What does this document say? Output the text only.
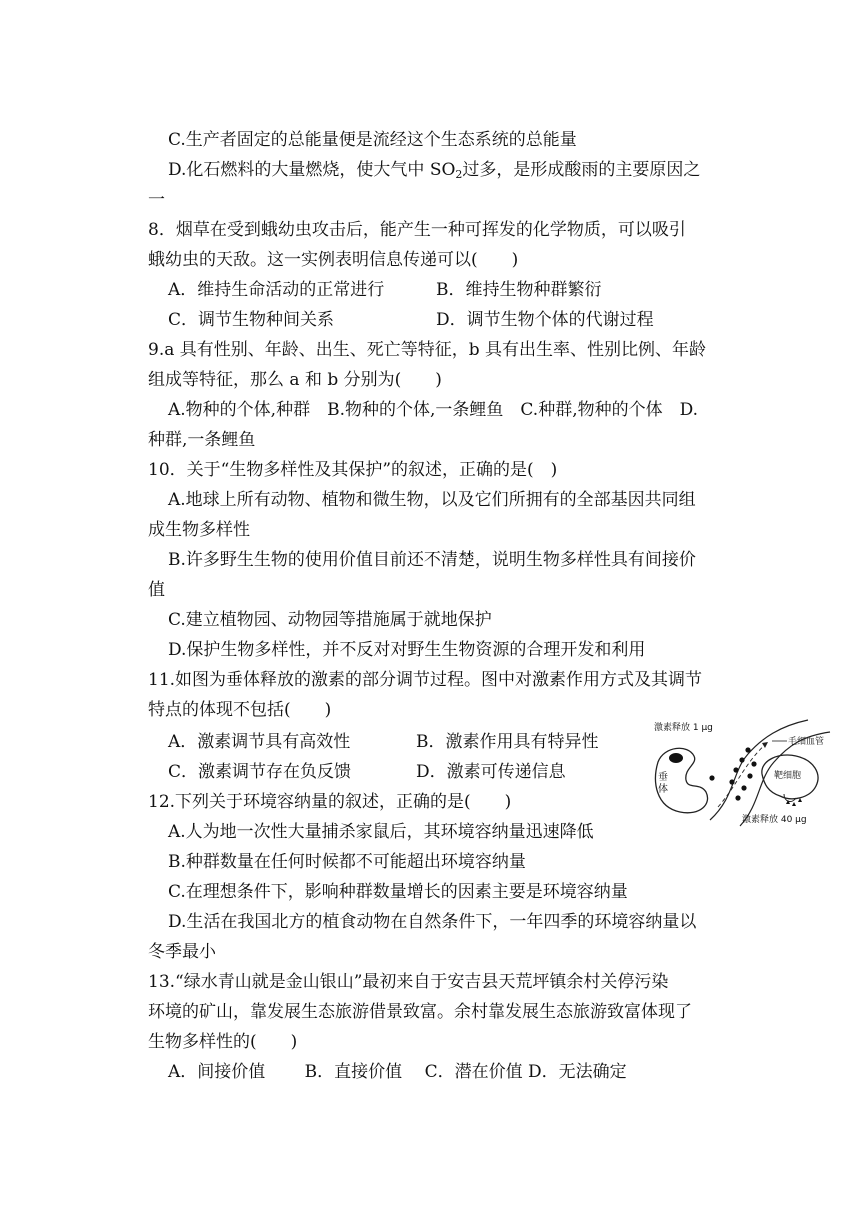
C.生产者固定的总能量便是流经这个生态系统的总能量
D.化石燃料的大量燃烧，使大气中 $SO_2$过多，是形成酸雨的主要原因之
一
8．烟草在受到蛾幼虫攻击后，能产生一种可挥发的化学物质，可以吸引
蛾幼虫的天敌。这一实例表明信息传递可以(　　)
A．维持生命活动的正常进行	B．维持生物种群繁衍
C．调节生物种间关系	D．调节生物个体的代谢过程
9.a 具有性别、年龄、出生、死亡等特征，b 具有出生率、性别比例、年龄
组成等特征，那么 a 和 b 分别为(　　)
A.物种的个体,种群　B.物种的个体,一条鲤鱼　C.种群,物种的个体　D.
种群,一条鲤鱼
10．关于“生物多样性及其保护”的叙述，正确的是(　)
A.地球上所有动物、植物和微生物，以及它们所拥有的全部基因共同组
成生物多样性
B.许多野生生物的使用价值目前还不清楚，说明生物多样性具有间接价
值
C.建立植物园、动物园等措施属于就地保护
D.保护生物多样性，并不反对对野生生物资源的合理开发和利用
11.如图为垂体释放的激素的部分调节过程。图中对激素作用方式及其调节
特点的体现不包括(　　)
A．激素调节具有高效性	B．激素作用具有特异性
C．激素调节存在负反馈	D．激素可传递信息
激素释放 1 μg
毛细血管
垂
体
靶细胞
激素释放 40 μg
12.下列关于环境容纳量的叙述，正确的是(　　)
A.人为地一次性大量捕杀家鼠后，其环境容纳量迅速降低
B.种群数量在任何时候都不可能超出环境容纳量
C.在理想条件下，影响种群数量增长的因素主要是环境容纳量
D.生活在我国北方的植食动物在自然条件下，一年四季的环境容纳量以
冬季最小
13.“绿水青山就是金山银山”最初来自于安吉县天荒坪镇余村关停污染
环境的矿山，靠发展生态旅游借景致富。余村靠发展生态旅游致富体现了
生物多样性的(　　)
A．间接价值　　 B．直接价值　 C．潜在价值 D．无法确定
